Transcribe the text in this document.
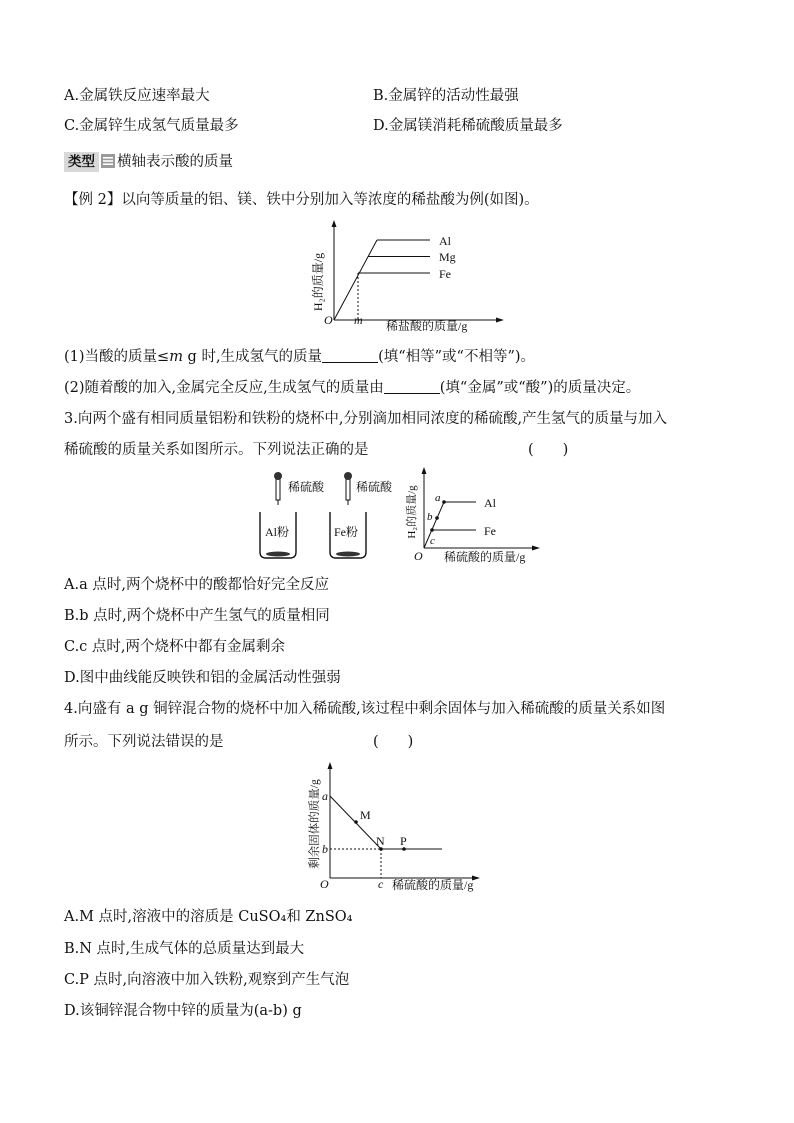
A.金属铁反应速率最大	B.金属锌的活动性最强
C.金属锌生成氢气质量最多	D.金属镁消耗稀硫酸质量最多
类型 横轴表示酸的质量
【例 2】以向等质量的铝、镁、铁中分别加入等浓度的稀盐酸为例(如图)。
Al
Mg
Fe
O m 稀盐酸的质量/g
H₂的质量/g
(1)当酸的质量≤m g 时,生成氢气的质量	(填“相等”或“不相等”)。
(2)随着酸的加入,金属完全反应,生成氢气的质量由	(填“金属”或“酸”)的质量决定。
3.向两个盛有相同质量铝粉和铁粉的烧杯中,分别滴加相同浓度的稀硫酸,产生氢气的质量与加入
稀硫酸的质量关系如图所示。下列说法正确的是	(　　)
稀硫酸
Al粉
稀硫酸
Fe粉
a
b
c
Al
Fe
O 稀硫酸的质量/g
H₂的质量/g
A.a 点时,两个烧杯中的酸都恰好完全反应
B.b 点时,两个烧杯中产生氢气的质量相同
C.c 点时,两个烧杯中都有金属剩余
D.图中曲线能反映铁和铝的金属活动性强弱
4.向盛有 a g 铜锌混合物的烧杯中加入稀硫酸,该过程中剩余固体与加入稀硫酸的质量关系如图
所示。下列说法错误的是	(　　)
M
N P
a
b
c
O	稀硫酸的质量/g
剩余固体的质量/g
A.M 点时,溶液中的溶质是 CuSO₄和 ZnSO₄
B.N 点时,生成气体的总质量达到最大
C.P 点时,向溶液中加入铁粉,观察到产生气泡
D.该铜锌混合物中锌的质量为(a-b) g
